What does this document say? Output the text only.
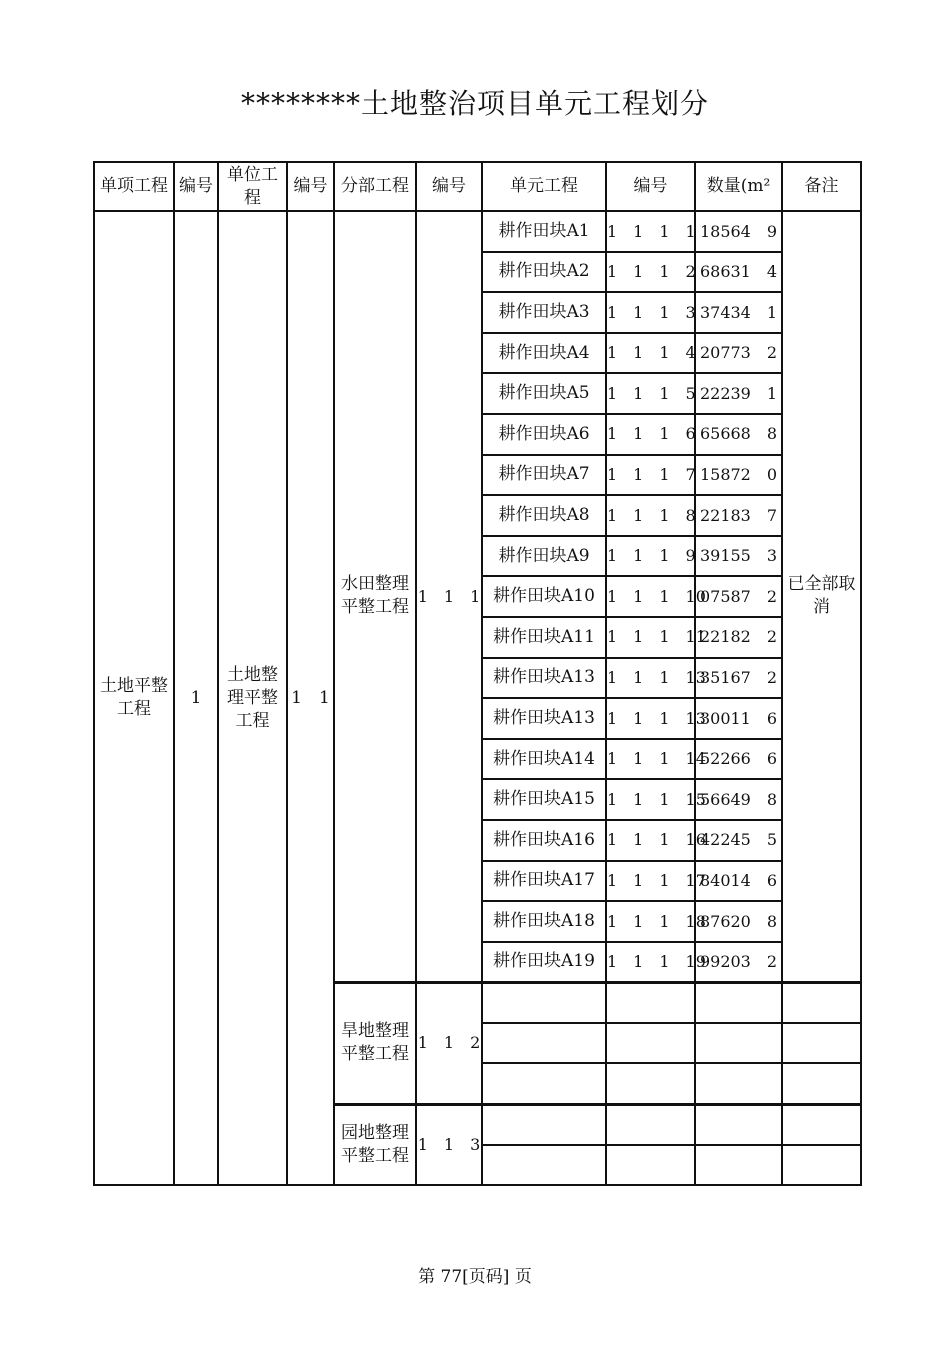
********土地整治项目单元工程划分
单项工程	编号	单位工程	编号	分部工程	编号	单元工程	编号	数量(m²	备注
土地平整工程	1	土地整理平整工程	1　1	水田整理平整工程	1　1　1	耕作田块A1	1　1　1　1	18564　9	已全部取消
						耕作田块A2	1　1　1　2	68631　4	
						耕作田块A3	1　1　1　3	37434　1	
						耕作田块A4	1　1　1　4	20773　2	
						耕作田块A5	1　1　1　5	22239　1	
						耕作田块A6	1　1　1　6	65668　8	
						耕作田块A7	1　1　1　7	15872　0	
						耕作田块A8	1　1　1　8	22183　7	
						耕作田块A9	1　1　1　9	39155　3	
						耕作田块A10	1　1　1　10	07587　2	
						耕作田块A11	1　1　1　11	22182　2	
						耕作田块A13	1　1　1　13	35167　2	
						耕作田块A13	1　1　1　13	30011　6	
						耕作田块A14	1　1　1　14	52266　6	
						耕作田块A15	1　1　1　15	56649　8	
						耕作田块A16	1　1　1　16	42245　5	
						耕作田块A17	1　1　1　17	84014　6	
						耕作田块A18	1　1　1　18	87620　8	
						耕作田块A19	1　1　1　19	99203　2	
				旱地整理平整工程	1　1　2				

				园地整理平整工程	1　1　3				

第 77[页码] 页
